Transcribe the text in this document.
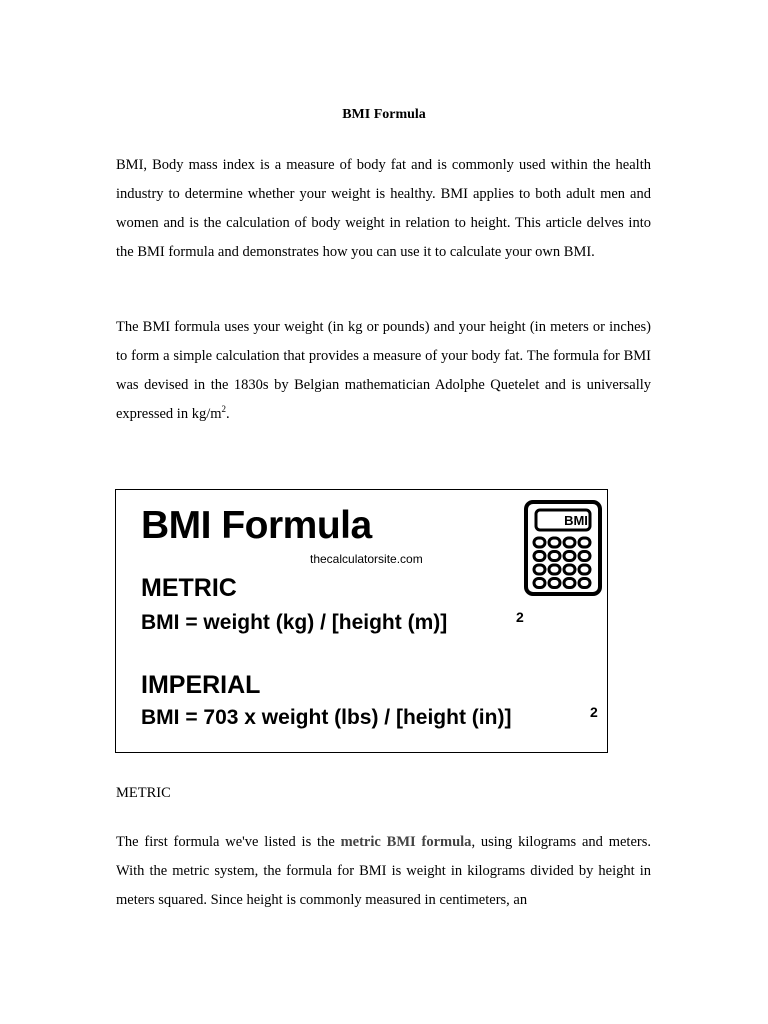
BMI Formula

BMI, Body mass index is a measure of body fat and is commonly used within the health industry to determine whether your weight is healthy. BMI applies to both adult men and women and is the calculation of body weight in relation to height. This article delves into the BMI formula and demonstrates how you can use it to calculate your own BMI.

The BMI formula uses your weight (in kg or pounds) and your height (in meters or inches) to form a simple calculation that provides a measure of your body fat. The formula for BMI was devised in the 1830s by Belgian mathematician Adolphe Quetelet and is universally expressed in $kg/m^2$.

BMI Formula
thecalculatorsite.com
BMI
METRIC
BMI = weight (kg) / [height (m)]	2
IMPERIAL
BMI = 703 x weight (lbs) / [height (in)]	2

METRIC

The first formula we've listed is the metric BMI formula, using kilograms and meters. With the metric system, the formula for BMI is weight in kilograms divided by height in meters squared. Since height is commonly measured in centimeters, an
